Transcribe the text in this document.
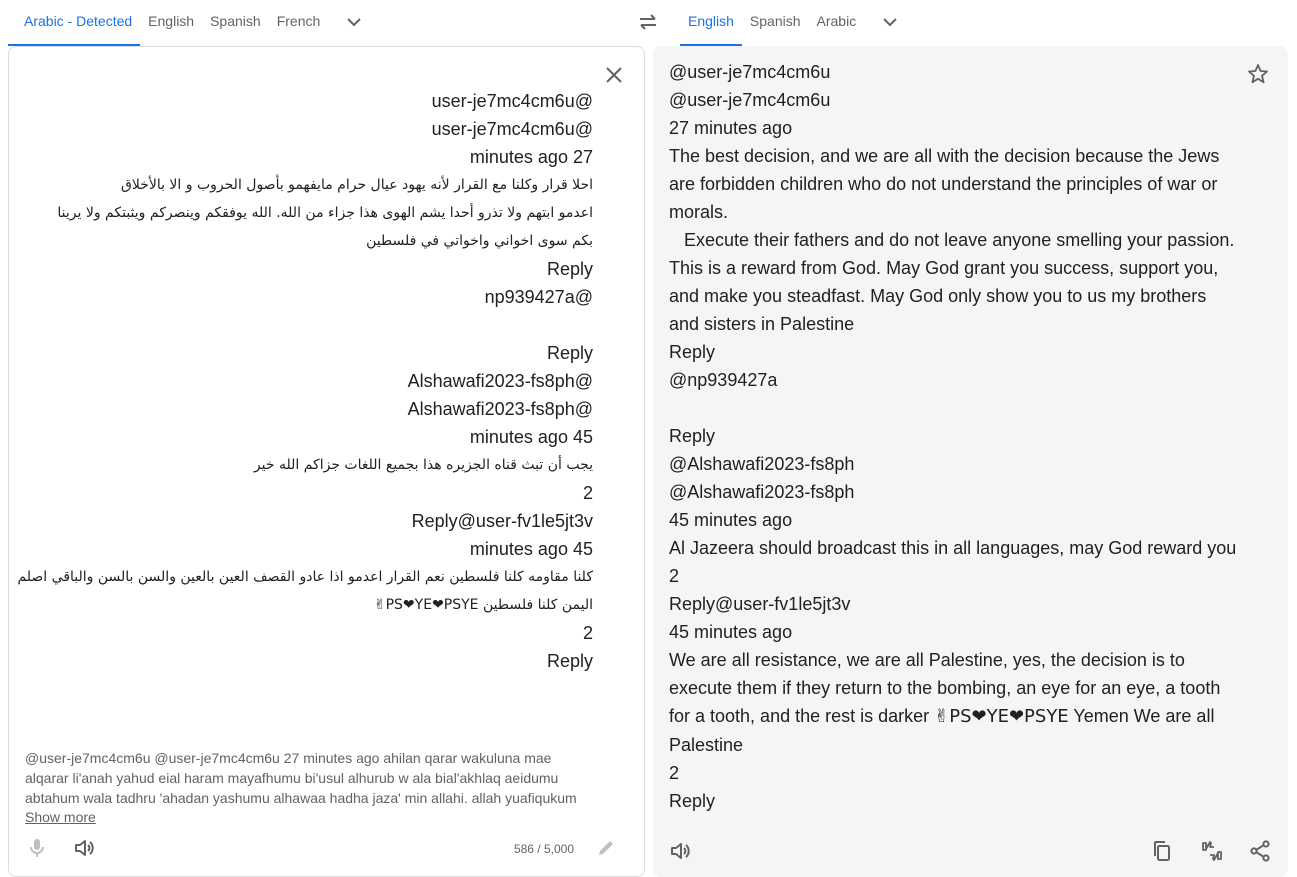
Arabic - Detected	English	Spanish	French	English	Spanish	Arabic
@user-je7mc4cm6u
@user-je7mc4cm6u
27 minutes ago
احلا قرار وكلنا مع القرار لأنه يهود عيال حرام مايفهمو بأصول الحروب و الا بالأخلاق
اعدمو ابتهم ولا تذرو أحدا يشم الهوى هذا جزاء من الله. الله يوفقكم وينصركم ويثبتكم ولا يرينا
بكم سوى اخواني واخواتي في فلسطين
Reply
@np939427a
Reply
@Alshawafi2023-fs8ph
@Alshawafi2023-fs8ph
45 minutes ago
يجب أن تبث قناه الجزيره هذا بجميع اللغات جزاكم الله خير
2
Reply@user-fv1le5jt3v
45 minutes ago
كلنا مقاومه كلنا فلسطين نعم القرار اعدمو اذا عادو القصف العين بالعين والسن بالسن والباقي اصلم
اليمن كلنا فلسطين ✌PS❤YE❤PSYE
2
Reply
@user-je7mc4cm6u @user-je7mc4cm6u 27 minutes ago ahilan qarar wakuluna mae alqarar li'anah yahud eial haram mayafhumu bi'usul alhurub w ala bial'akhlaq aeidumu abtahum wala tadhru 'ahadan yashumu alhawaa hadha jaza' min allahi. allah yuafiqukum
Show more
586 / 5,000
@user-je7mc4cm6u
@user-je7mc4cm6u
27 minutes ago
The best decision, and we are all with the decision because the Jews
are forbidden children who do not understand the principles of war or
morals.
Execute their fathers and do not leave anyone smelling your passion.
This is a reward from God. May God grant you success, support you,
and make you steadfast. May God only show you to us my brothers
and sisters in Palestine
Reply
@np939427a
Reply
@Alshawafi2023-fs8ph
@Alshawafi2023-fs8ph
45 minutes ago
Al Jazeera should broadcast this in all languages, may God reward you
2
Reply@user-fv1le5jt3v
45 minutes ago
We are all resistance, we are all Palestine, yes, the decision is to
execute them if they return to the bombing, an eye for an eye, a tooth
for a tooth, and the rest is darker ✌PS❤YE❤PSYE Yemen We are all
Palestine
2
Reply
